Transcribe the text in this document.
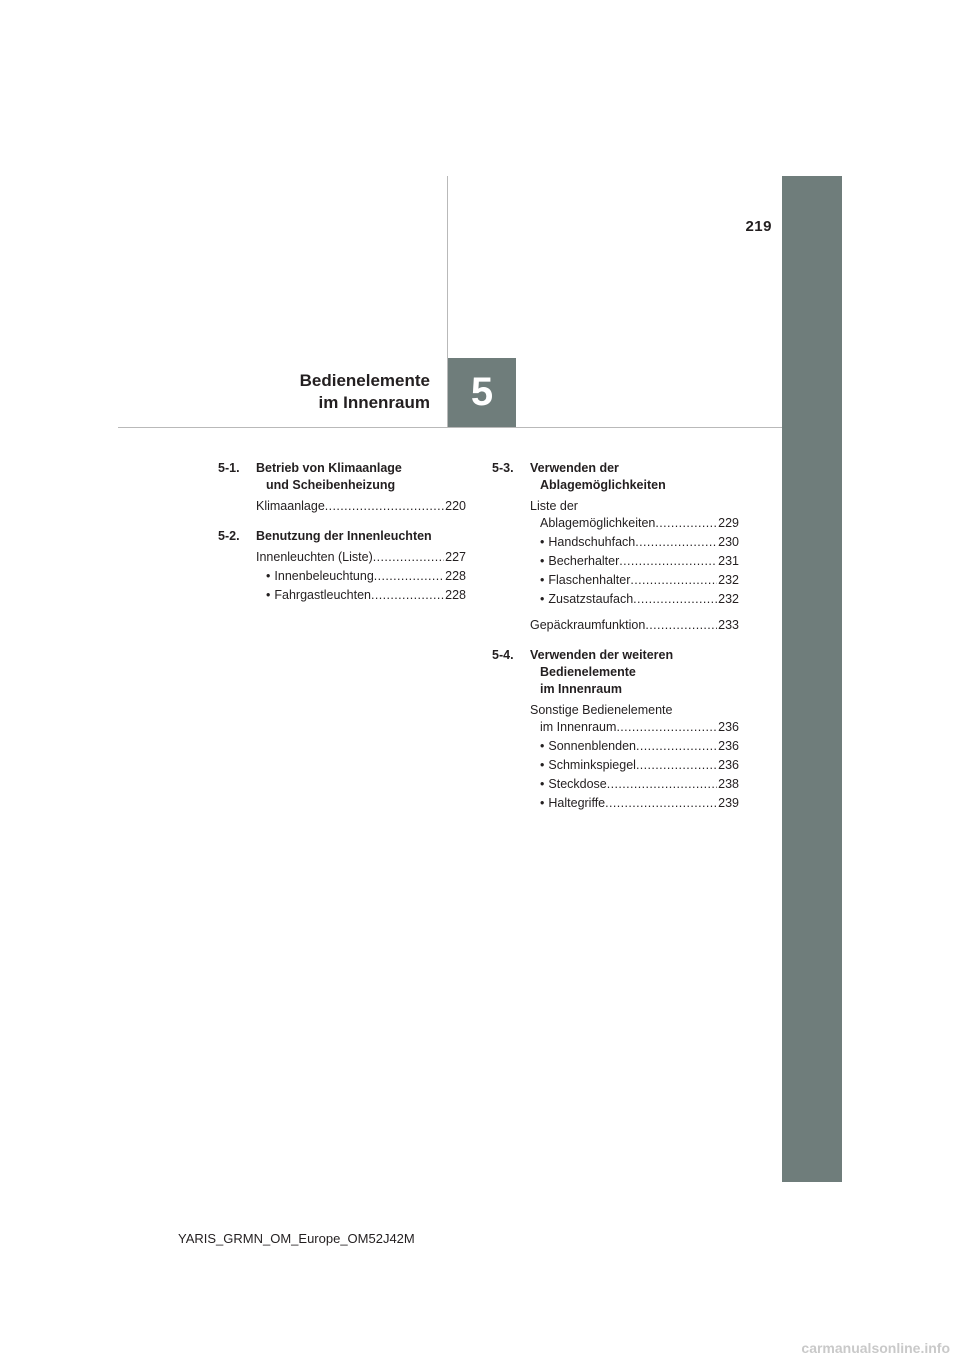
219
Bedienelemente
im Innenraum 5
5-1.	Betrieb von Klimaanlage
und Scheibenheizung
Klimaanlage .....	220
5-2.	Benutzung der Innenleuchten
Innenleuchten (Liste) .....	227
• Innenbeleuchtung .....	228
• Fahrgastleuchten .....	228
5-3.	Verwenden der
Ablagemöglichkeiten
Liste der
Ablagemöglichkeiten .....	229
• Handschuhfach .....	230
• Becherhalter .....	231
• Flaschenhalter .....	232
• Zusatzstaufach .....	232
Gepäckraumfunktion .....	233
5-4.	Verwenden der weiteren
Bedienelemente
im Innenraum
Sonstige Bedienelemente
im Innenraum .....	236
• Sonnenblenden .....	236
• Schminkspiegel .....	236
• Steckdose .....	238
• Haltegriffe .....	239
YARIS_GRMN_OM_Europe_OM52J42M
carmanualsonline.info
